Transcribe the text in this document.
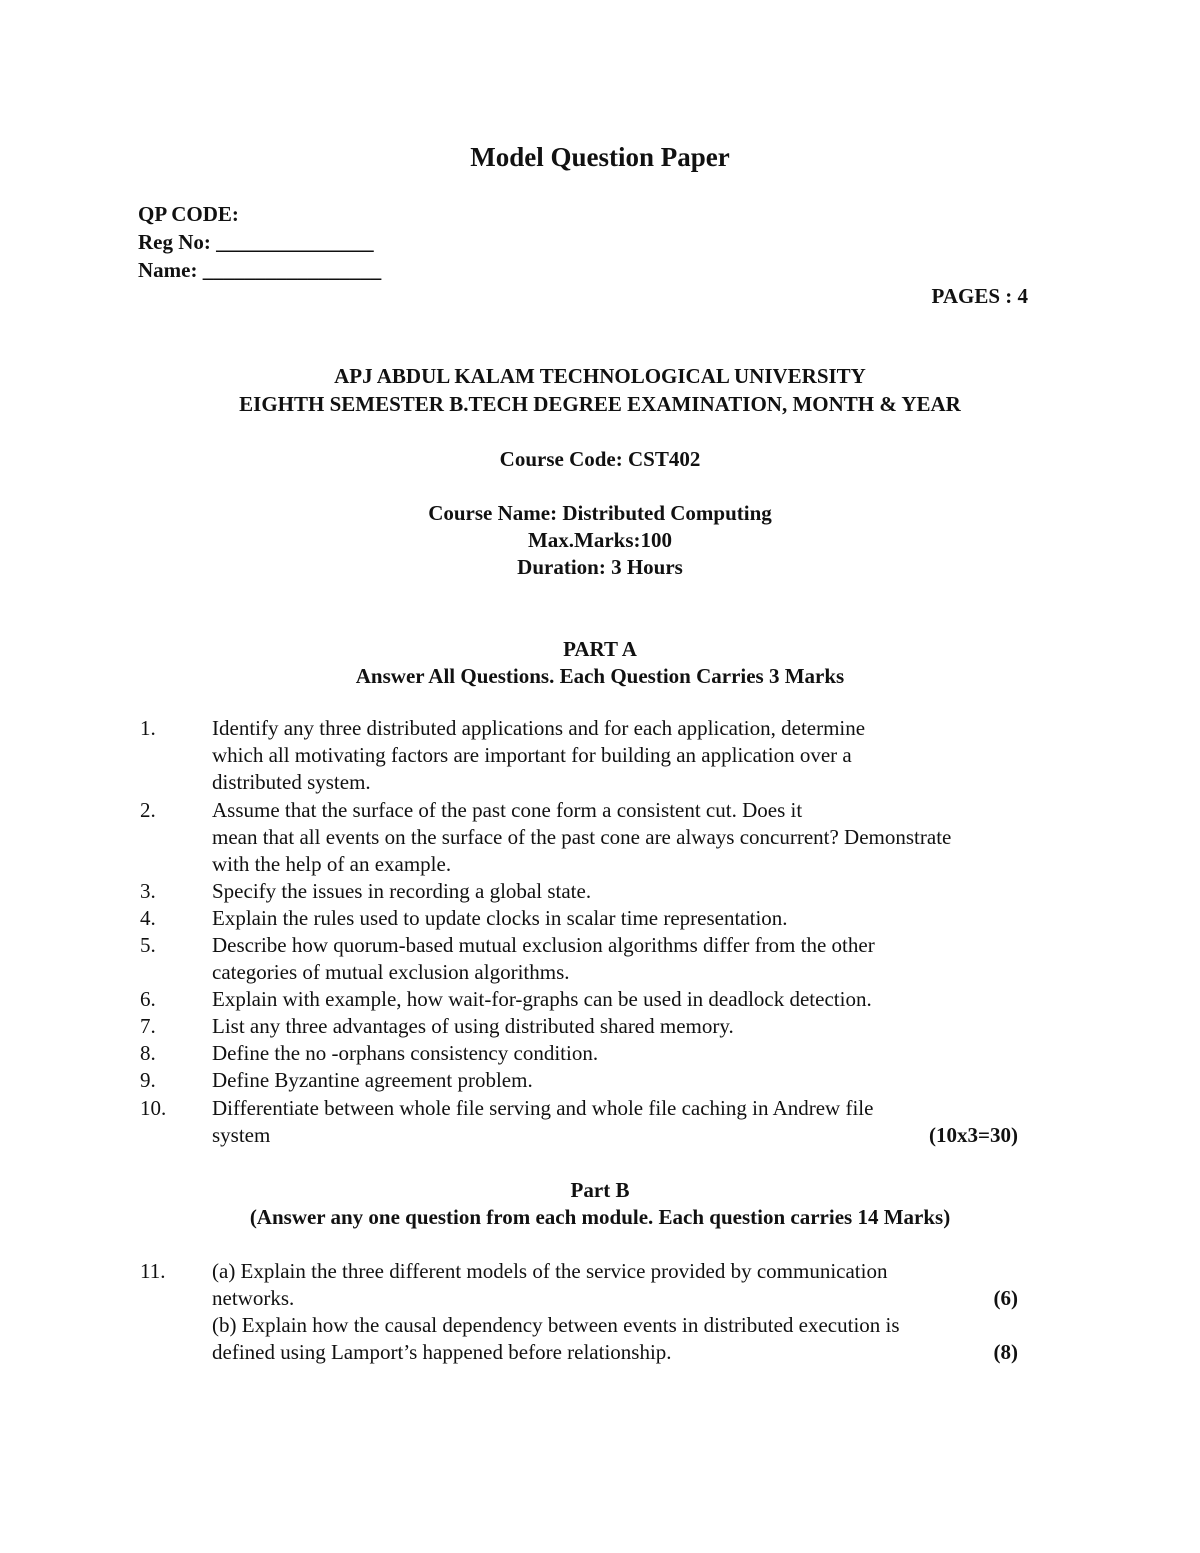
Model Question Paper
QP CODE:
Reg No: _______________
Name: _________________
PAGES : 4
APJ ABDUL KALAM TECHNOLOGICAL UNIVERSITY
EIGHTH SEMESTER B.TECH DEGREE EXAMINATION, MONTH & YEAR
Course Code: CST402
Course Name: Distributed Computing
Max.Marks:100
Duration: 3 Hours
PART A
Answer All Questions. Each Question Carries 3 Marks
1.	Identify any three distributed applications and for each application, determine
which all motivating factors are important for building an application over a
distributed system.
2.	Assume that the surface of the past cone form a consistent cut. Does it
mean that all events on the surface of the past cone are always concurrent? Demonstrate
with the help of an example.
3.	Specify the issues in recording a global state.
4.	Explain the rules used to update clocks in scalar time representation.
5.	Describe how quorum-based mutual exclusion algorithms differ from the other
categories of mutual exclusion algorithms.
6.	Explain with example, how wait-for-graphs can be used in deadlock detection.
7.	List any three advantages of using distributed shared memory.
8.	Define the no -orphans consistency condition.
9.	Define Byzantine agreement problem.
10. Differentiate between whole file serving and whole file caching in Andrew file
system	(10x3=30)
Part B
(Answer any one question from each module. Each question carries 14 Marks)
11. (a) Explain the three different models of the service provided by communication
networks.	(6)
(b) Explain how the causal dependency between events in distributed execution is
defined using Lamport’s happened before relationship.	(8)
